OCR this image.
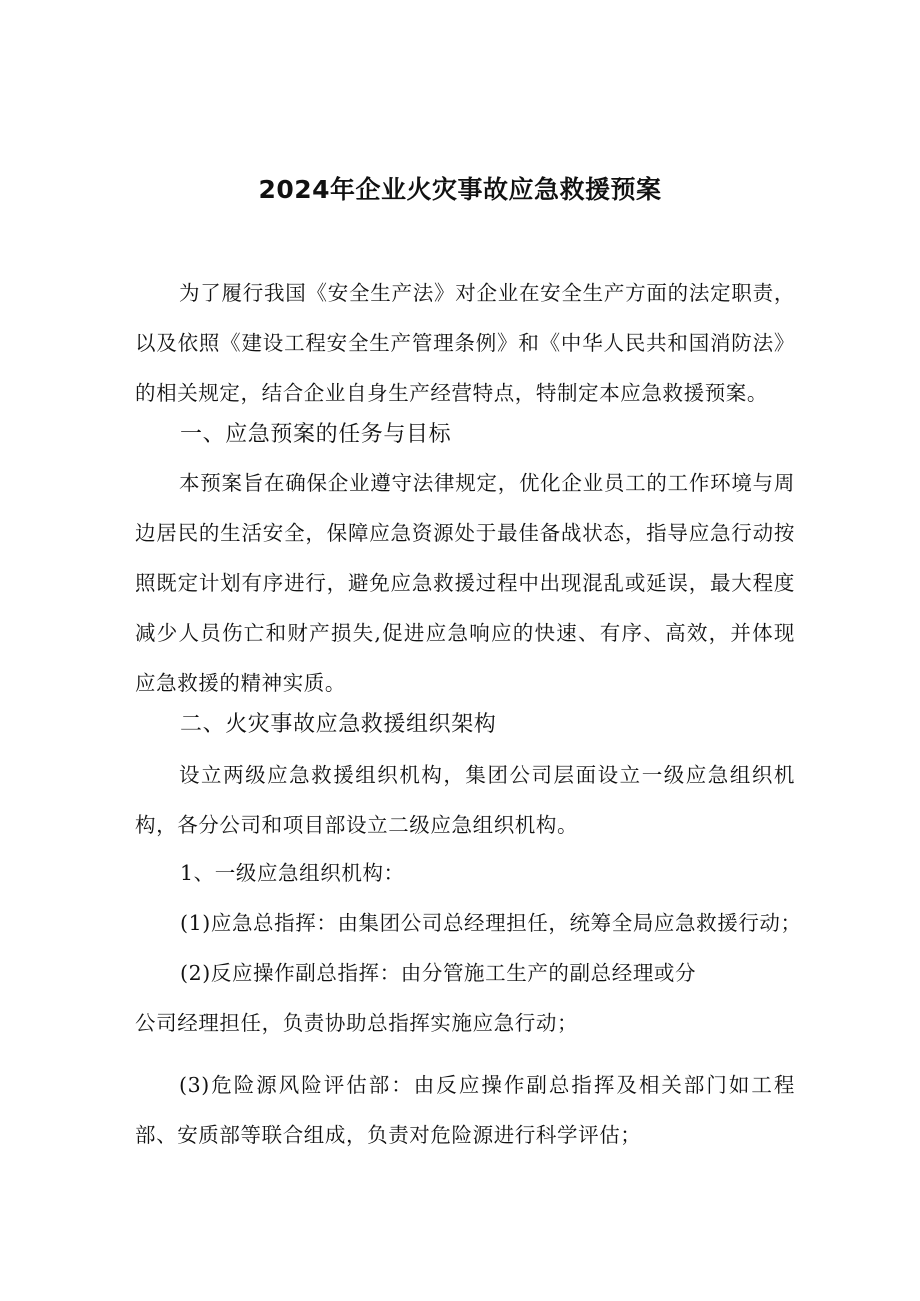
2024年企业火灾事故应急救援预案

为了履行我国《安全生产法》对企业在安全生产方面的法定职责，以及依照《建设工程安全生产管理条例》和《中华人民共和国消防法》的相关规定，结合企业自身生产经营特点，特制定本应急救援预案。

一、应急预案的任务与目标

本预案旨在确保企业遵守法律规定，优化企业员工的工作环境与周边居民的生活安全，保障应急资源处于最佳备战状态，指导应急行动按照既定计划有序进行，避免应急救援过程中出现混乱或延误，最大程度减少人员伤亡和财产损失,促进应急响应的快速、有序、高效，并体现应急救援的精神实质。

二、火灾事故应急救援组织架构

设立两级应急救援组织机构，集团公司层面设立一级应急组织机构，各分公司和项目部设立二级应急组织机构。

1、一级应急组织机构：
(1)应急总指挥：由集团公司总经理担任，统筹全局应急救援行动；
(2)反应操作副总指挥：由分管施工生产的副总经理或分
公司经理担任，负责协助总指挥实施应急行动；

(3)危险源风险评估部：由反应操作副总指挥及相关部门如工程部、安质部等联合组成，负责对危险源进行科学评估；
